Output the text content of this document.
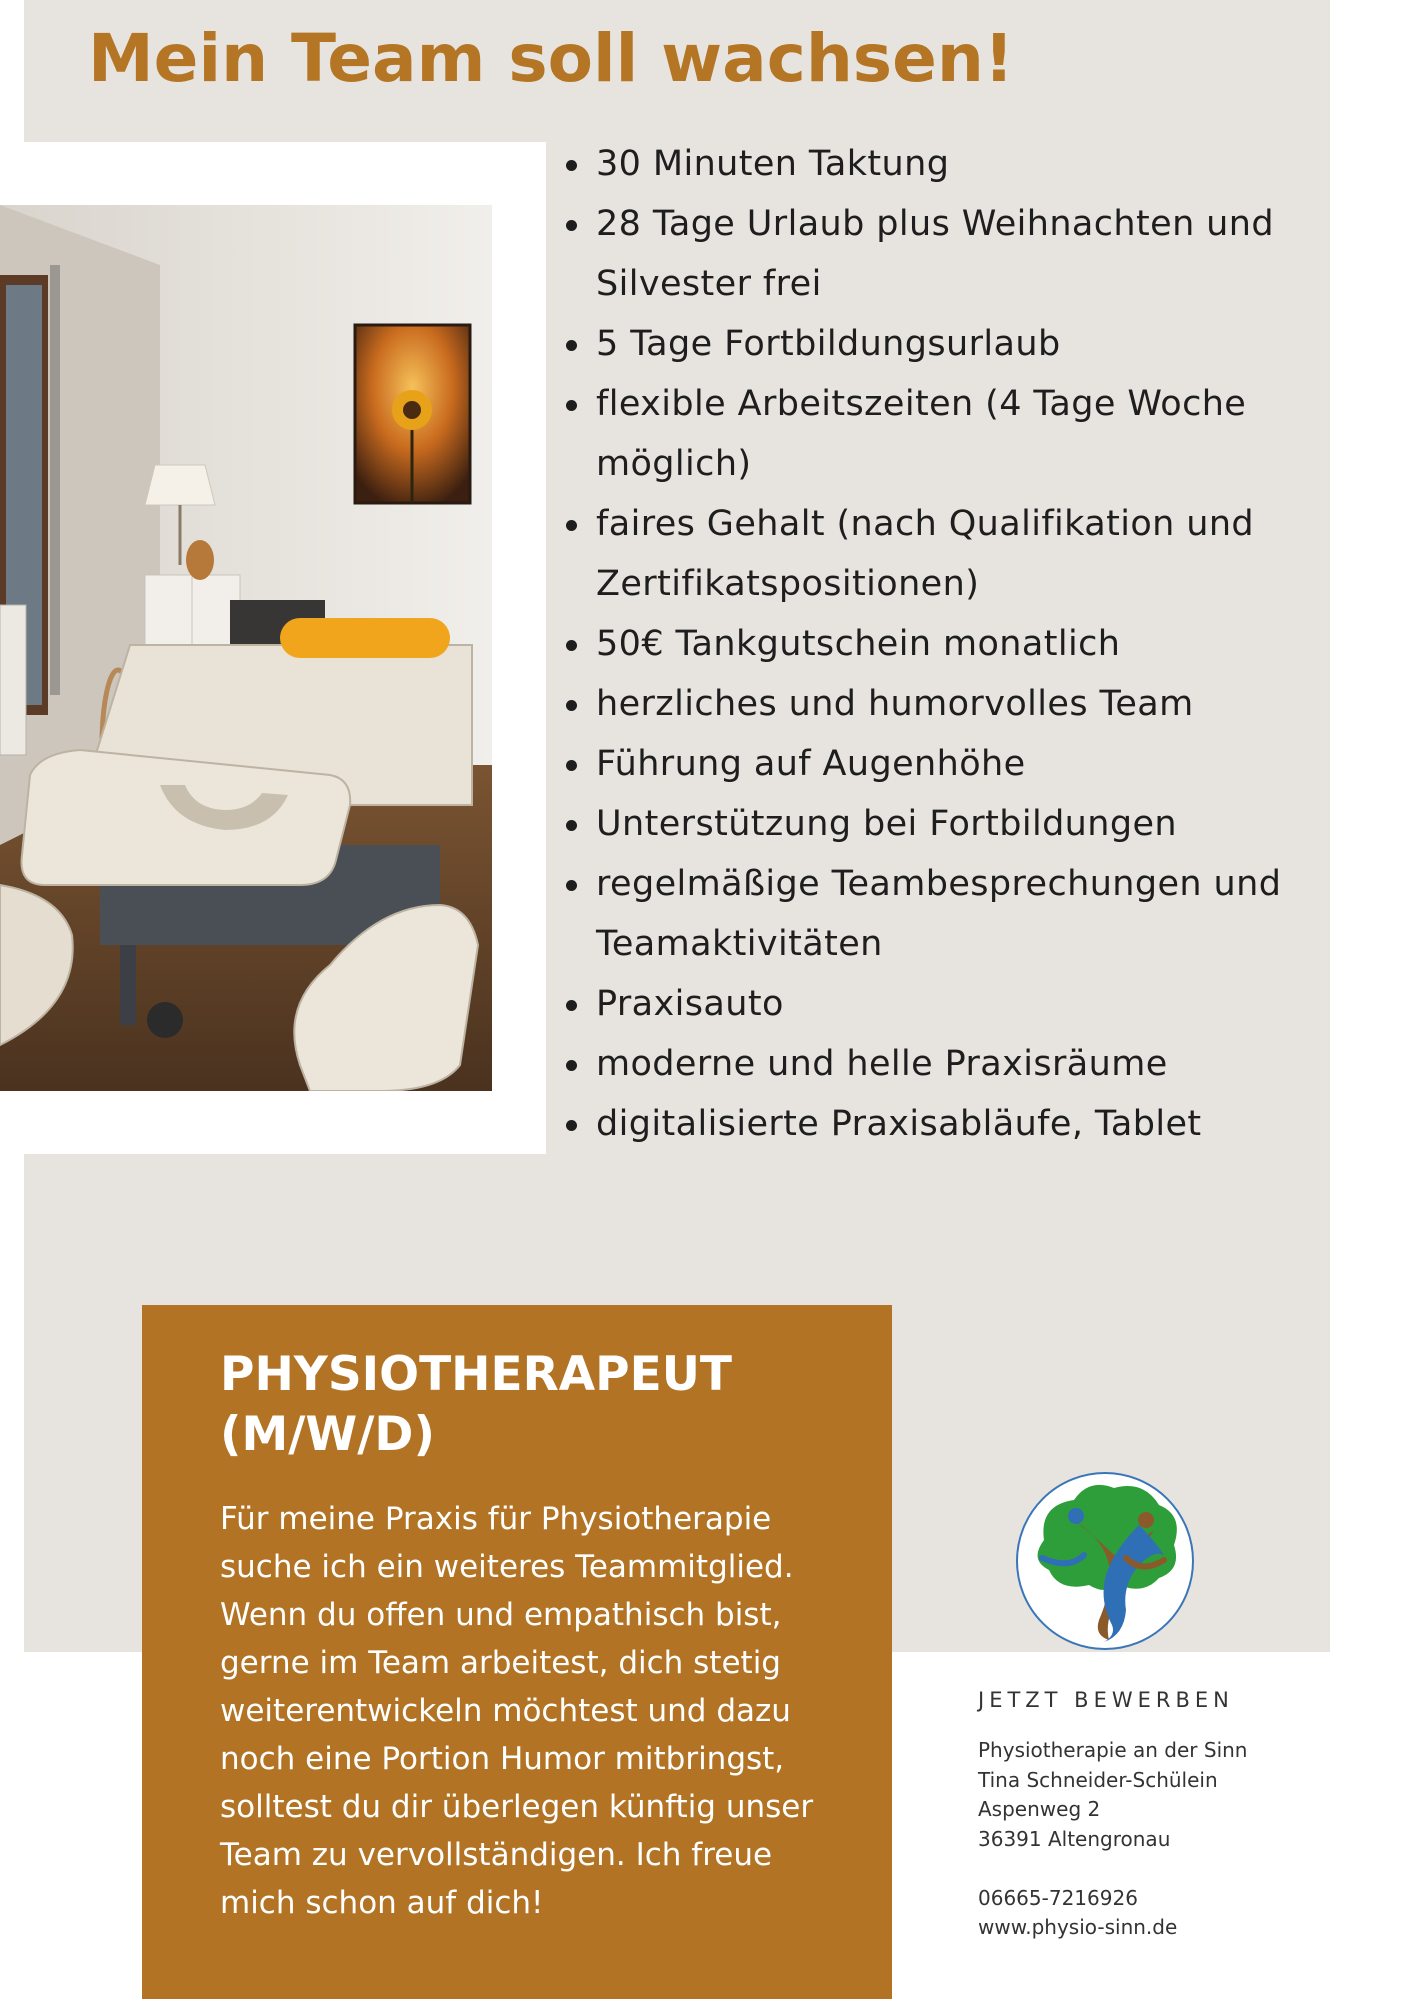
Mein Team soll wachsen!
30 Minuten Taktung
28 Tage Urlaub plus Weihnachten und Silvester frei
5 Tage Fortbildungsurlaub
flexible Arbeitszeiten (4 Tage Woche möglich)
faires Gehalt (nach Qualifikation und Zertifikatspositionen)
50€ Tankgutschein monatlich
herzliches und humorvolles Team
Führung auf Augenhöhe
Unterstützung bei Fortbildungen
regelmäßige Teambesprechungen und Teamaktivitäten
Praxisauto
moderne und helle Praxisräume
digitalisierte Praxisabläufe, Tablet
PHYSIOTHERAPEUT
(M/W/D)

Für meine Praxis für Physiotherapie suche ich ein weiteres Teammitglied. Wenn du offen und empathisch bist, gerne im Team arbeitest, dich stetig weiterentwickeln möchtest und dazu noch eine Portion Humor mitbringst, solltest du dir überlegen künftig unser Team zu vervollständigen. Ich freue mich schon auf dich!

JETZT BEWERBEN
Physiotherapie an der Sinn
Tina Schneider-Schülein
Aspenweg 2
36391 Altengronau
06665-7216926
www.physio-sinn.de
